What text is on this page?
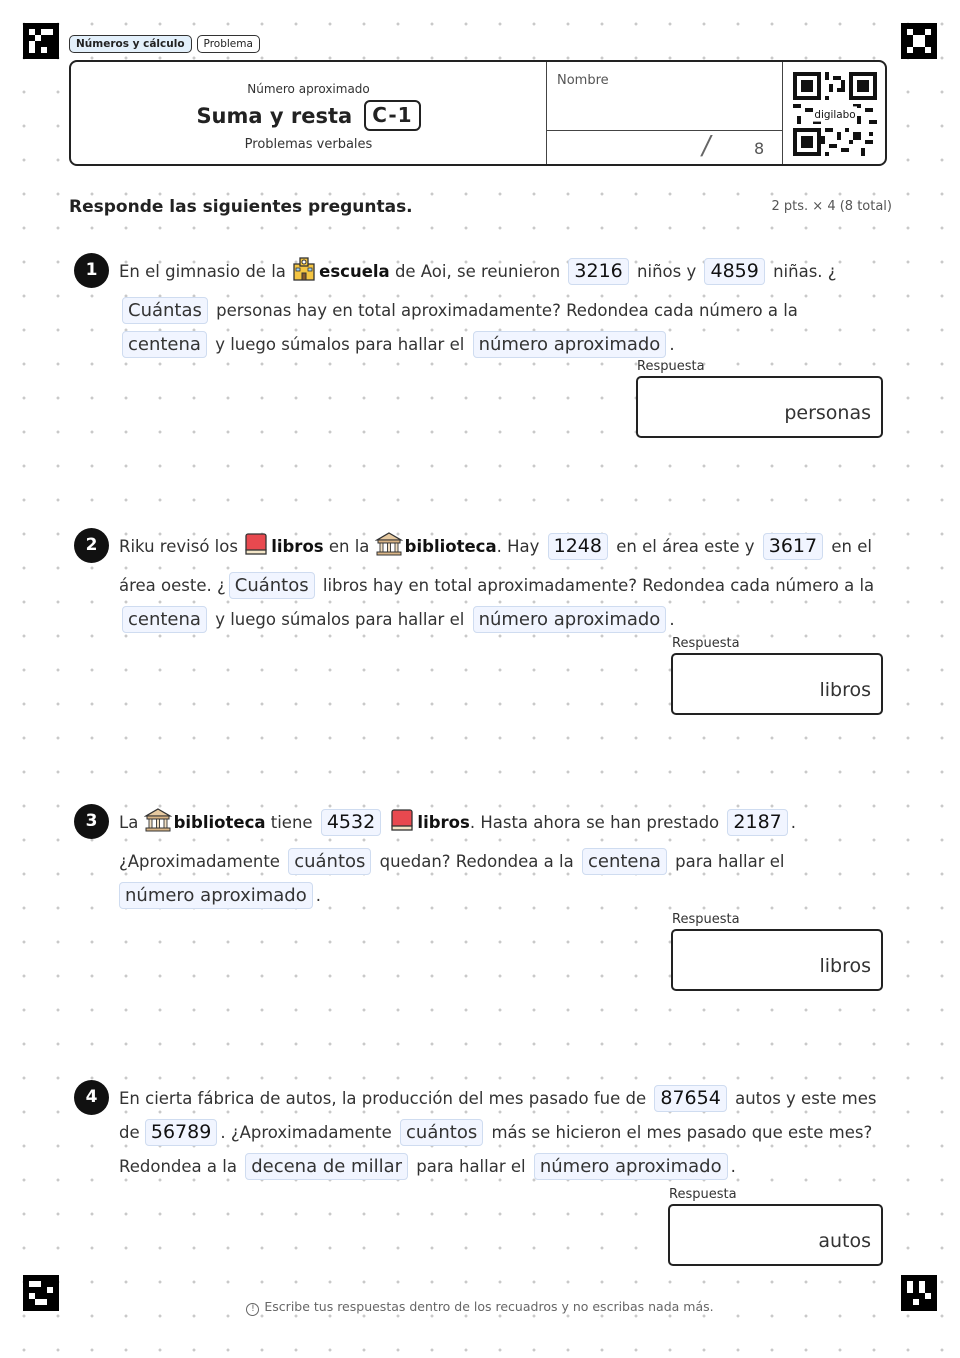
Números y cálculo	Problema
Número aproximado
Suma y resta	C-1
Problemas verbales
Nombre
/	8
digilabo
Responde las siguientes preguntas.	2 pts. × 4 (8 total)
1	En el gimnasio de la escuela de Aoi, se reunieron 3216 niños y 4859 niñas. ¿Cuántas personas hay en total aproximadamente? Redondea cada número a la centena y luego súmalos para hallar el número aproximado .
Respuesta
personas
2	Riku revisó los libros en la biblioteca. Hay 1248 en el área este y 3617 en el área oeste. ¿ Cuántos libros hay en total aproximadamente? Redondea cada número a la centena y luego súmalos para hallar el número aproximado .
Respuesta
libros
3	La biblioteca tiene 4532	libros. Hasta ahora se han prestado 2187 .
¿Aproximadamente cuántos quedan? Redondea a la centena para hallar el
número aproximado .
Respuesta
libros
4	En cierta fábrica de autos, la producción del mes pasado fue de 87654 autos y este mes de 56789 . ¿Aproximadamente cuántos más se hicieron el mes pasado que este mes? Redondea a la decena de millar para hallar el número aproximado .
Respuesta
autos
! Escribe tus respuestas dentro de los recuadros y no escribas nada más.
